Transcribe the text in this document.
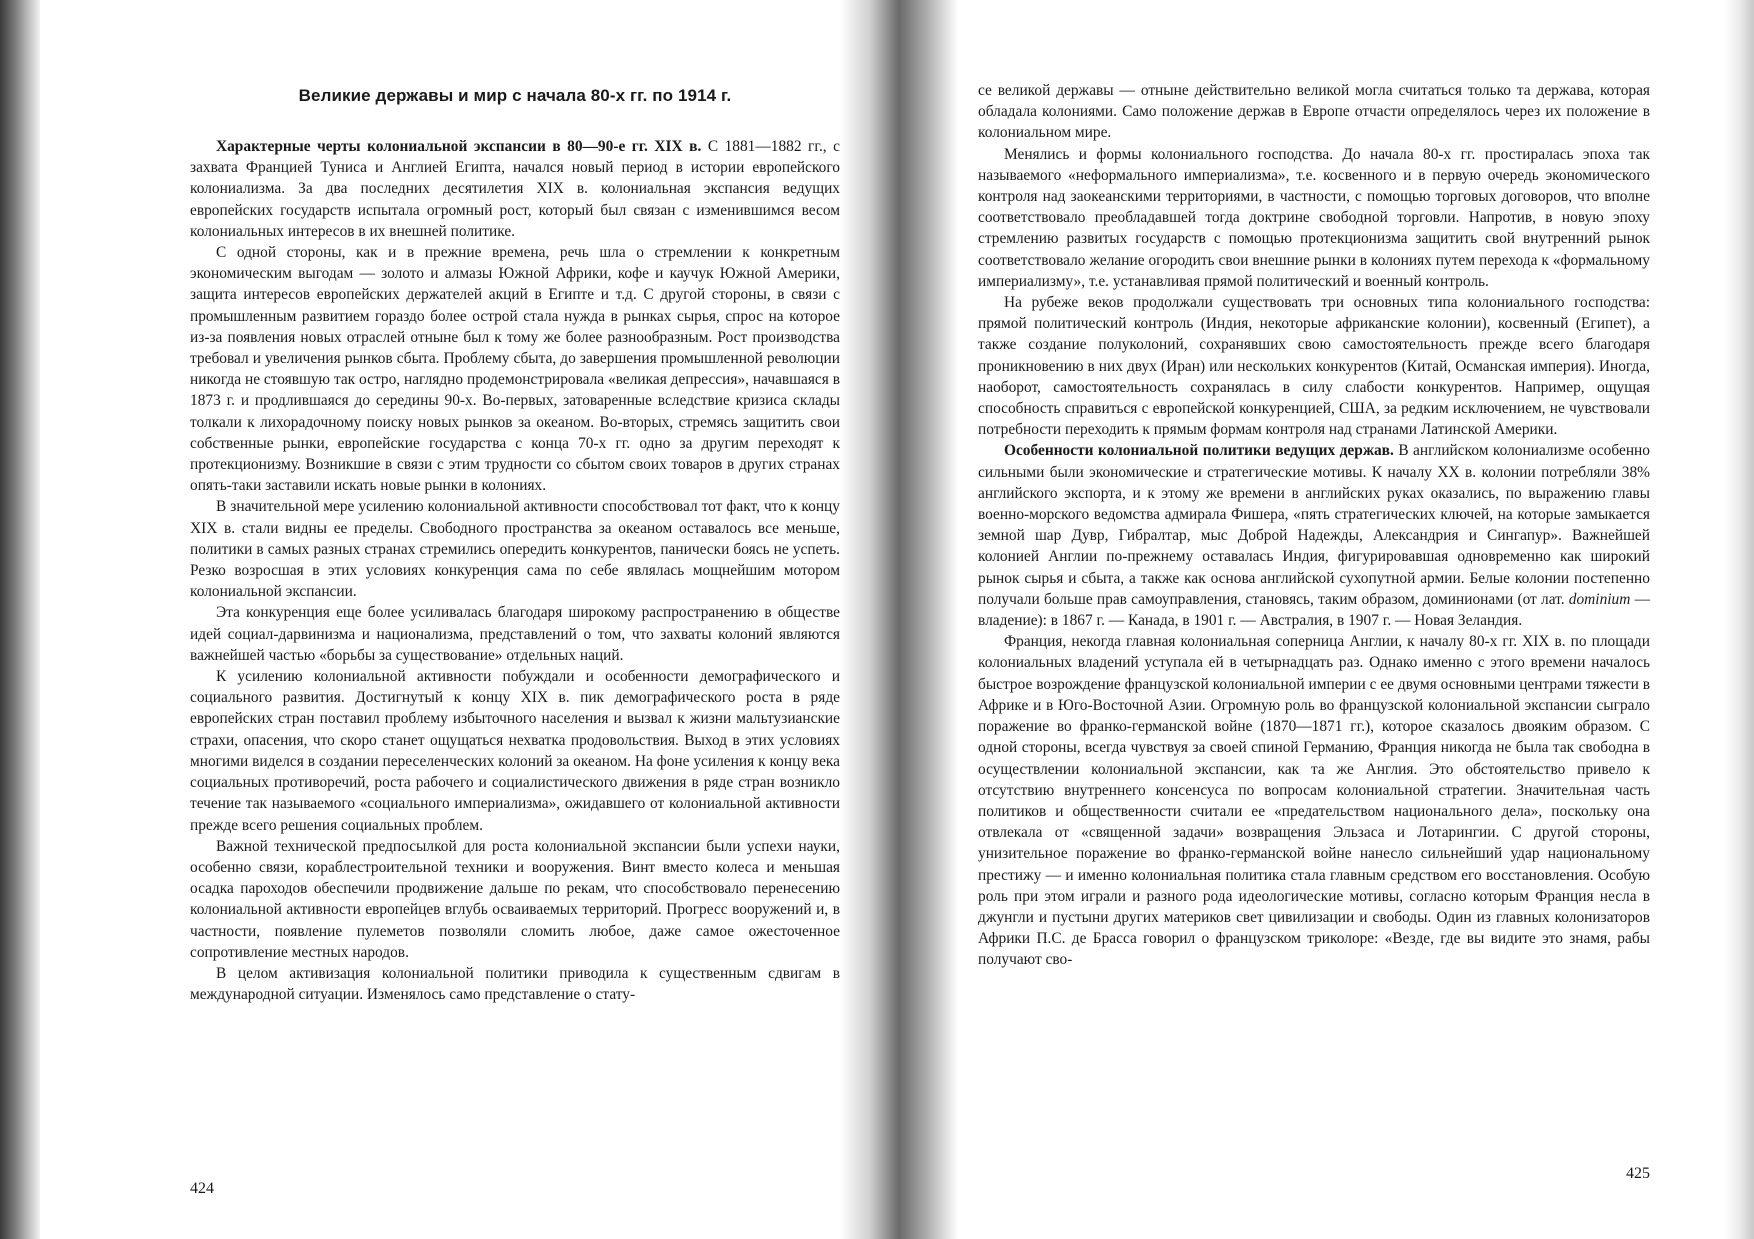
Великие державы и мир с начала 80-х гг. по 1914 г.

Характерные черты колониальной экспансии в 80—90-е гг. XIX в. С 1881—1882 гг., с захвата Францией Туниса и Англией Египта, начался новый период в истории европейского колониализма. За два последних десятилетия XIX в. колониальная экспансия ведущих европейских государств испытала огромный рост, который был связан с изменившимся весом колониальных интересов в их внешней политике.

С одной стороны, как и в прежние времена, речь шла о стремлении к конкретным экономическим выгодам — золото и алмазы Южной Африки, кофе и каучук Южной Америки, защита интересов европейских держателей акций в Египте и т.д. С другой стороны, в связи с промышленным развитием гораздо более острой стала нужда в рынках сырья, спрос на которое из-за появления новых отраслей отныне был к тому же более разнообразным. Рост производства требовал и увеличения рынков сбыта. Проблему сбыта, до завершения промышленной революции никогда не стоявшую так остро, наглядно продемонстрировала «великая депрессия», начавшаяся в 1873 г. и продлившаяся до середины 90-х. Во-первых, затоваренные вследствие кризиса склады толкали к лихорадочному поиску новых рынков за океаном. Во-вторых, стремясь защитить свои собственные рынки, европейские государства с конца 70-х гг. одно за другим переходят к протекционизму. Возникшие в связи с этим трудности со сбытом своих товаров в других странах опять-таки заставили искать новые рынки в колониях.

В значительной мере усилению колониальной активности способствовал тот факт, что к концу XIX в. стали видны ее пределы. Свободного пространства за океаном оставалось все меньше, политики в самых разных странах стремились опередить конкурентов, панически боясь не успеть. Резко возросшая в этих условиях конкуренция сама по себе являлась мощнейшим мотором колониальной экспансии.

Эта конкуренция еще более усиливалась благодаря широкому распространению в обществе идей социал-дарвинизма и национализма, представлений о том, что захваты колоний являются важнейшей частью «борьбы за существование» отдельных наций.

К усилению колониальной активности побуждали и особенности демографического и социального развития. Достигнутый к концу XIX в. пик демографического роста в ряде европейских стран поставил проблему избыточного населения и вызвал к жизни мальтузианские страхи, опасения, что скоро станет ощущаться нехватка продовольствия. Выход в этих условиях многими виделся в создании переселенческих колоний за океаном. На фоне усиления к концу века социальных противоречий, роста рабочего и социалистического движения в ряде стран возникло течение так называемого «социального империализма», ожидавшего от колониальной активности прежде всего решения социальных проблем.

Важной технической предпосылкой для роста колониальной экспансии были успехи науки, особенно связи, кораблестроительной техники и вооружения. Винт вместо колеса и меньшая осадка пароходов обеспечили продвижение дальше по рекам, что способствовало перенесению колониальной активности европейцев вглубь осваиваемых территорий. Прогресс вооружений и, в частности, появление пулеметов позволяли сломить любое, даже самое ожесточенное сопротивление местных народов.

В целом активизация колониальной политики приводила к существенным сдвигам в международной ситуации. Изменялось само представление о стату-

424

се великой державы — отныне действительно великой могла считаться только та держава, которая обладала колониями. Само положение держав в Европе отчасти определялось через их положение в колониальном мире.

Менялись и формы колониального господства. До начала 80-х гг. простиралась эпоха так называемого «неформального империализма», т.е. косвенного и в первую очередь экономического контроля над заокеанскими территориями, в частности, с помощью торговых договоров, что вполне соответствовало преобладавшей тогда доктрине свободной торговли. Напротив, в новую эпоху стремлению развитых государств с помощью протекционизма защитить свой внутренний рынок соответствовало желание огородить свои внешние рынки в колониях путем перехода к «формальному империализму», т.е. устанавливая прямой политический и военный контроль.

На рубеже веков продолжали существовать три основных типа колониального господства: прямой политический контроль (Индия, некоторые африканские колонии), косвенный (Египет), а также создание полуколоний, сохранявших свою самостоятельность прежде всего благодаря проникновению в них двух (Иран) или нескольких конкурентов (Китай, Османская империя). Иногда, наоборот, самостоятельность сохранялась в силу слабости конкурентов. Например, ощущая способность справиться с европейской конкуренцией, США, за редким исключением, не чувствовали потребности переходить к прямым формам контроля над странами Латинской Америки.

Особенности колониальной политики ведущих держав. В английском колониализме особенно сильными были экономические и стратегические мотивы. К началу XX в. колонии потребляли 38% английского экспорта, и к этому же времени в английских руках оказались, по выражению главы военно-морского ведомства адмирала Фишера, «пять стратегических ключей, на которые замыкается земной шар Дувр, Гибралтар, мыс Доброй Надежды, Александрия и Сингапур». Важнейшей колонией Англии по-прежнему оставалась Индия, фигурировавшая одновременно как широкий рынок сырья и сбыта, а также как основа английской сухопутной армии. Белые колонии постепенно получали больше прав самоуправления, становясь, таким образом, доминионами (от лат. dominium — владение): в 1867 г. — Канада, в 1901 г. — Австралия, в 1907 г. — Новая Зеландия.

Франция, некогда главная колониальная соперница Англии, к началу 80-х гг. XIX в. по площади колониальных владений уступала ей в четырнадцать раз. Однако именно с этого времени началось быстрое возрождение французской колониальной империи с ее двумя основными центрами тяжести в Африке и в Юго-Восточной Азии. Огромную роль во французской колониальной экспансии сыграло поражение во франко-германской войне (1870—1871 гг.), которое сказалось двояким образом. С одной стороны, всегда чувствуя за своей спиной Германию, Франция никогда не была так свободна в осуществлении колониальной экспансии, как та же Англия. Это обстоятельство привело к отсутствию внутреннего консенсуса по вопросам колониальной стратегии. Значительная часть политиков и общественности считали ее «предательством национального дела», поскольку она отвлекала от «священной задачи» возвращения Эльзаса и Лотарингии. С другой стороны, унизительное поражение во франко-германской войне нанесло сильнейший удар национальному престижу — и именно колониальная политика стала главным средством его восстановления. Особую роль при этом играли и разного рода идеологические мотивы, согласно которым Франция несла в джунгли и пустыни других материков свет цивилизации и свободы. Один из главных колонизаторов Африки П.С. де Брасса говорил о французском триколоре: «Везде, где вы видите это знамя, рабы получают сво-

425
